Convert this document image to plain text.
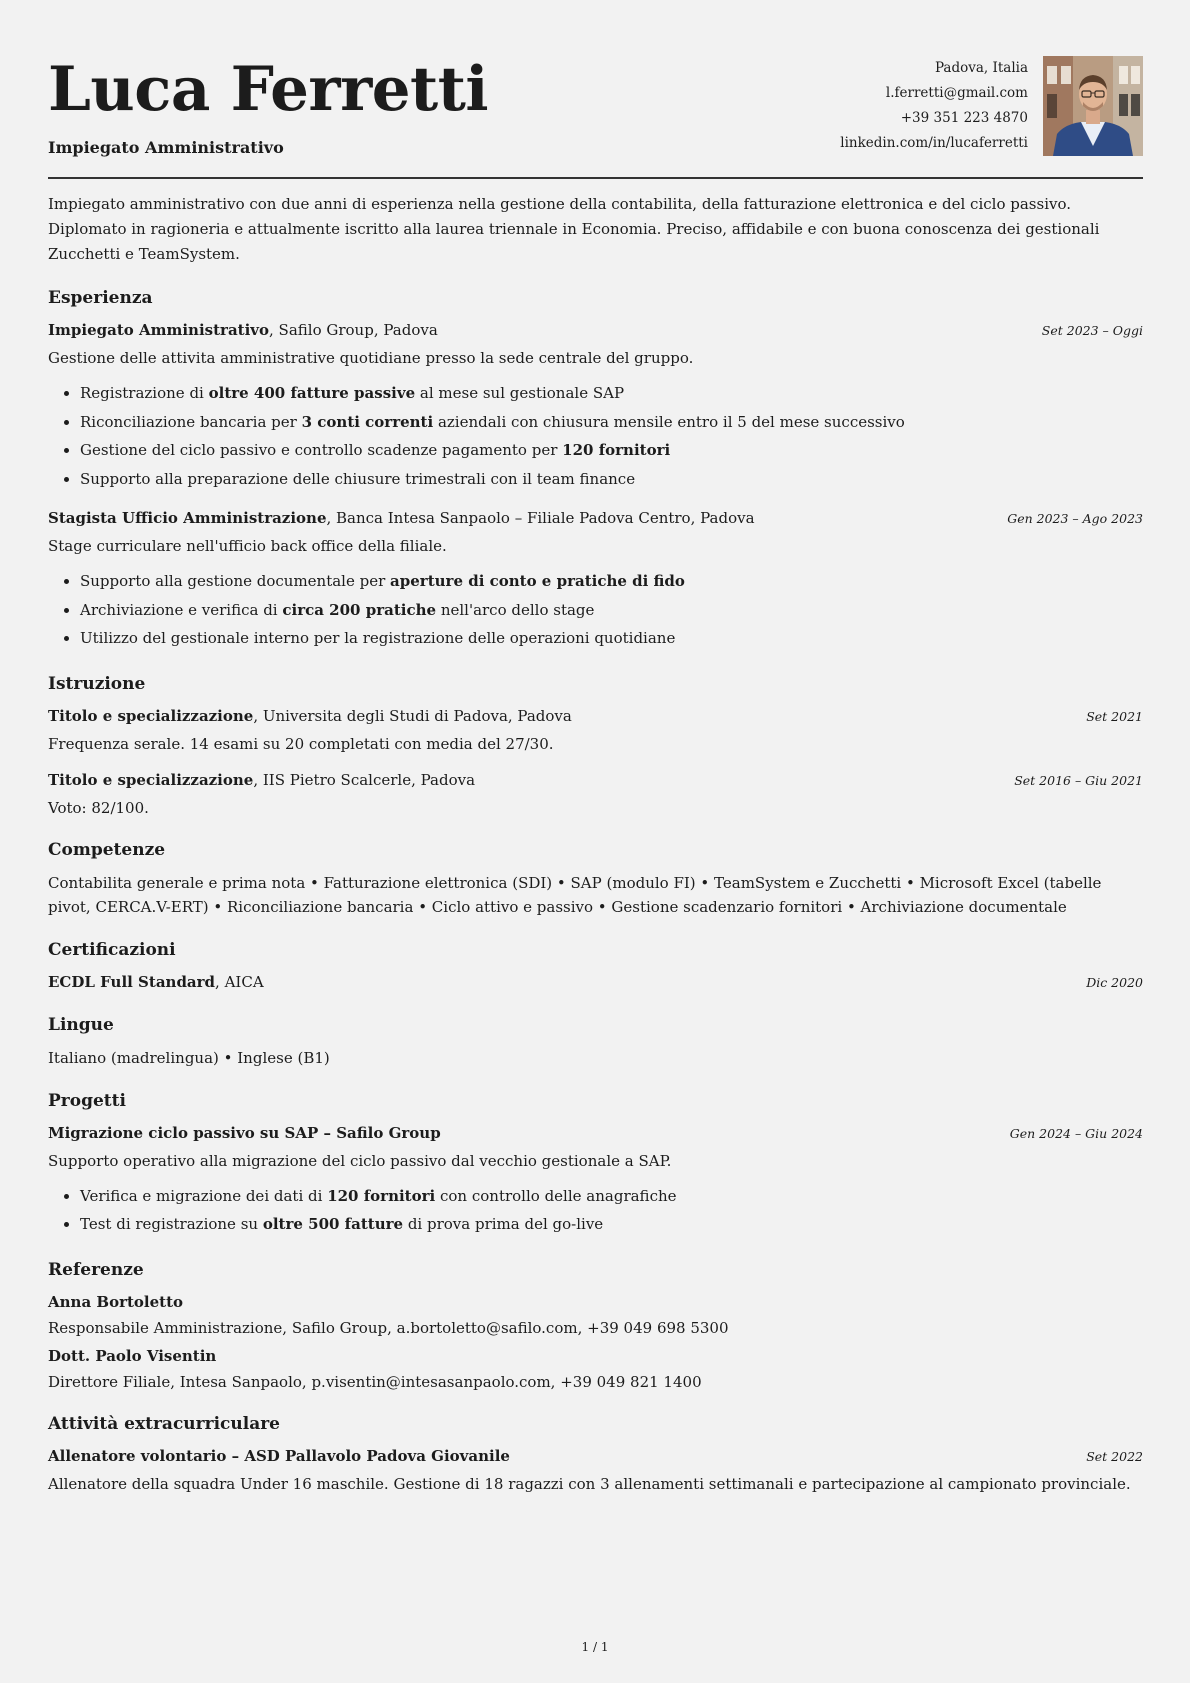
Luca Ferretti
Impiegato Amministrativo
Padova, Italia
l.ferretti@gmail.com
+39 351 223 4870
linkedin.com/in/lucaferretti

Impiegato amministrativo con due anni di esperienza nella gestione della contabilita, della fatturazione elettronica e del ciclo passivo. Diplomato in ragioneria e attualmente iscritto alla laurea triennale in Economia. Preciso, affidabile e con buona conoscenza dei gestionali Zucchetti e TeamSystem.

Esperienza
Impiegato Amministrativo, Safilo Group, Padova	Set 2023 – Oggi

Gestione delle attivita amministrative quotidiane presso la sede centrale del gruppo.

• Registrazione di oltre 400 fatture passive al mese sul gestionale SAP
• Riconciliazione bancaria per 3 conti correnti aziendali con chiusura mensile entro il 5 del mese successivo
• Gestione del ciclo passivo e controllo scadenze pagamento per 120 fornitori
• Supporto alla preparazione delle chiusure trimestrali con il team finance
Stagista Ufficio Amministrazione, Banca Intesa Sanpaolo – Filiale Padova Centro, Padova	Gen 2023 – Ago 2023

Stage curriculare nell'ufficio back office della filiale.

• Supporto alla gestione documentale per aperture di conto e pratiche di fido
• Archiviazione e verifica di circa 200 pratiche nell'arco dello stage
• Utilizzo del gestionale interno per la registrazione delle operazioni quotidiane
Istruzione
Titolo e specializzazione, Universita degli Studi di Padova, Padova	Set 2021

Frequenza serale. 14 esami su 20 completati con media del 27/30.

Titolo e specializzazione, IIS Pietro Scalcerle, Padova	Set 2016 – Giu 2021

Voto: 82/100.

Competenze

Contabilita generale e prima nota • Fatturazione elettronica (SDI) • SAP (modulo FI) • TeamSystem e Zucchetti • Microsoft Excel (tabelle pivot, CERCA.V-ERT) • Riconciliazione bancaria • Ciclo attivo e passivo • Gestione scadenzario fornitori • Archiviazione documentale

Certificazioni
ECDL Full Standard, AICA	Dic 2020
Lingue

Italiano (madrelingua) • Inglese (B1)

Progetti
Migrazione ciclo passivo su SAP – Safilo Group	Gen 2024 – Giu 2024

Supporto operativo alla migrazione del ciclo passivo dal vecchio gestionale a SAP.

• Verifica e migrazione dei dati di 120 fornitori con controllo delle anagrafiche
• Test di registrazione su oltre 500 fatture di prova prima del go-live
Referenze
Anna Bortoletto
Responsabile Amministrazione, Safilo Group, a.bortoletto@safilo.com, +39 049 698 5300
Dott. Paolo Visentin
Direttore Filiale, Intesa Sanpaolo, p.visentin@intesasanpaolo.com, +39 049 821 1400
Attività extracurriculare
Allenatore volontario – ASD Pallavolo Padova Giovanile	Set 2022

Allenatore della squadra Under 16 maschile. Gestione di 18 ragazzi con 3 allenamenti settimanali e partecipazione al campionato provinciale.

1 / 1
